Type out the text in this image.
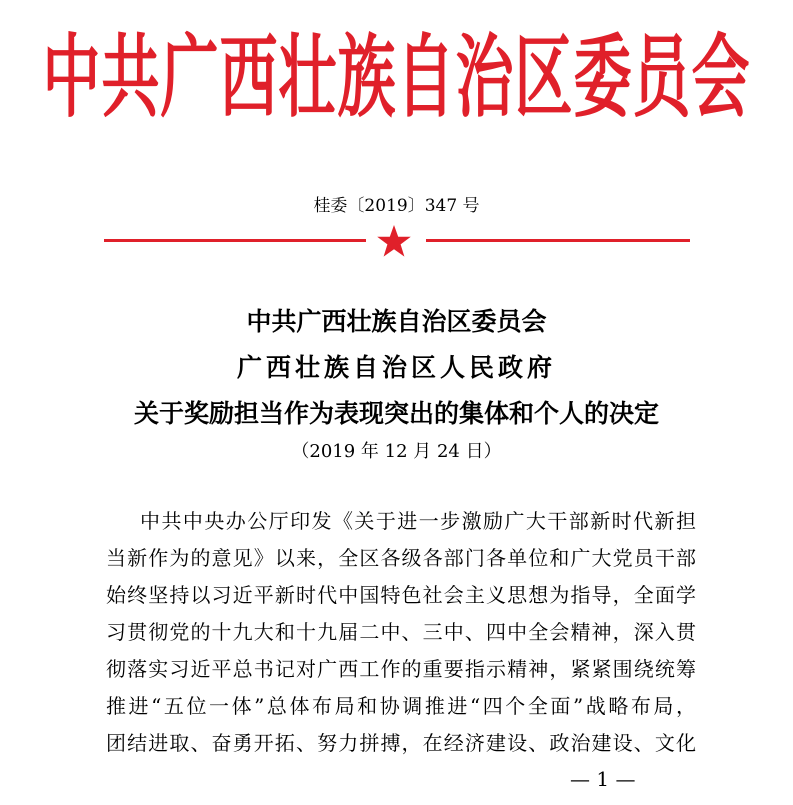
中共广西壮族自治区委员会
桂委〔2019〕347 号
中共广西壮族自治区委员会
广西壮族自治区人民政府
关于奖励担当作为表现突出的集体和个人的决定
（2019 年 12 月 24 日）
中共中央办公厅印发《关于进一步激励广大干部新时代新担
当新作为的意见》以来，全区各级各部门各单位和广大党员干部
始终坚持以习近平新时代中国特色社会主义思想为指导，全面学
习贯彻党的十九大和十九届二中、三中、四中全会精神，深入贯
彻落实习近平总书记对广西工作的重要指示精神，紧紧围绕统筹
推进“五位一体”总体布局和协调推进“四个全面”战略布局，
团结进取、奋勇开拓、努力拼搏，在经济建设、政治建设、文化
— 1 —
